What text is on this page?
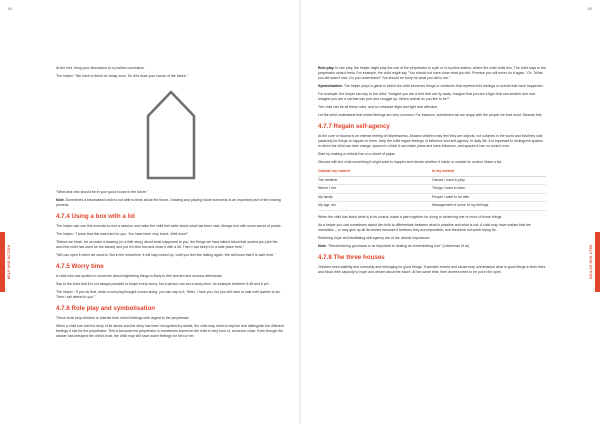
84	85
HELP AND ACTION	HELP AND ACTION

At the end, bring your discussion to a positive conclusion.

The helper: "We have to finish for today soon. So let's draw your house of the future."

"What and who should be in your good house in the future."

Note. Sometimes a traumatised child is not able to think about the future. Drawing and playing future scenarios is an important part of the healing process.

4.7.4 Using a box with a lid

The helper can use this exercise to end a session and make the child feel safer about what has been said. Always end with some words of praise.

The helper: "I know that this was hard for you. You have been very brave. Well done!"

"Before we finish, let us make a drawing (or a little story) about what happened to you, the things we have talked about that scared you (are the word the child has used for the abuse) and put it in this box and close it with a lid. Then I can keep it in a safe place here."

"We can open it when we want to. But in the meantime, it will stay locked up. Until you feel like talking again. We will know that it is safe here."

4.7.5 Worry time

A child who has spoken to someone about frightening things is likely to feel worried and anxious afterwards.

Say to the child that it is not always possible to forget every worry, but a person can set a worry-time, for example between 5:45 and 6 pm.

The helper: "If you do that, when a worrying thought comes along, you can say to it, 'Hello, I hear you, but you will have to wait until quarter to six. Then I will attend to you'."

4.7.6 Role play and symbolisation

These tools help children to tolerate their mixed feelings with regard to the perpetrator.

When a child has told the story of its abuse and the story has been recognised by adults, the child may need to explore and distinguish the different feelings it has for the perpetrator. This is because the perpetrator is sometimes someone the child is very fond of, someone close. Even though the abuser has betrayed the child's trust, the child may still have warm feelings for him or her.

Role play. In role play, the helper might play the role of the perpetrator in a jail or in a police station, where the child visits him. The child says to the perpetrator what it feels. For example, the child might say "You should not have done what you did. Promise you will never do it again." Or: "What you did wasn't nice. Do you understand? You should be sorry for what you did to me."

Symbolisation. The helper plays a game in which the child becomes things or creatures that represent its feelings or events that have happened.

For example, the helper can say to the child: "Imagine you are a bird that can fly away. Imagine that you are a tiger that can scratch and roar. Imagine you are a cat that can purr and snuggle up. Which animal do you like to be?"

The child can be all these roles, and so rehearse flight and fight and affection.

Let the child understand that mixed feelings are very common. For instance, sometimes we are angry with the people we love most. Discuss this.

4.7.7 Regain self-agency

At the core of trauma is an intense feeling of helplessness. Abused children may feel they are objects, not subjects in the world and that they wait passively for things to happen to them. Help the child regain feelings of influence and self-agency. In daily life, it is important to distinguish spaces in which the child can take charge, spaces in which it can make plans and have influence, and spaces it has no control over.

Start by making a vertical line on a sheet of paper.

Discuss with the child something it might want to happen and decide whether it inside or outside its control. Make a list.

Outside my control	In my control
The weather	Games I want to play
Where I live	Things I want to learn
My family	People I want to be with
My age, etc.	Management of some of my feelings

When the child has listed what is in its control, make a plan together for doing or achieving one or more of those things.

As a helper you can sometimes assist the child to differentiate between what is possible and what is not. A child may have wishes that are unrealistic – or may give up all its wishes because it believes they are impossible, and therefore not worth trying for.

Restoring hope and facilitating self-agency are of the utmost importance.

Note. "Remembering goodness is as important to healing as remembering hurt" (Lieberman et al).

4.7.8 The three houses

Children need stability and normality and belonging for good things. Traumatic events and abuse may overshadow what is good things in their lives and block their capacity to hope and dream about the future. At the same time, their worries need to be put in the open.
